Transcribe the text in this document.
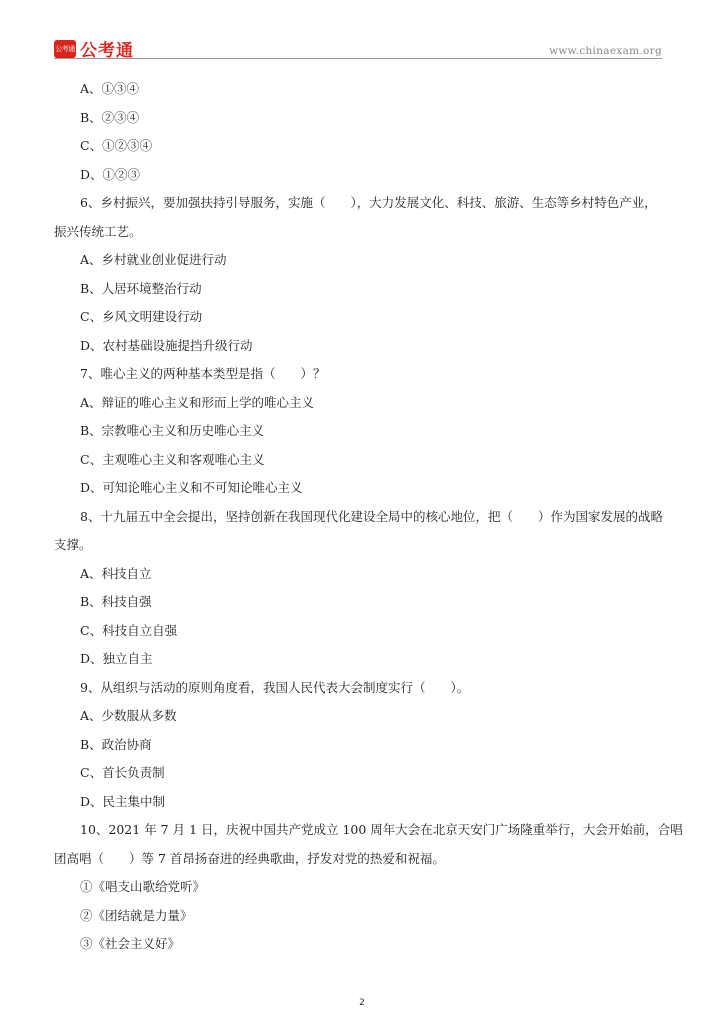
公考通 公考通	www.chinaexam.org
A、①③④
B、②③④
C、①②③④
D、①②③
6、乡村振兴，要加强扶持引导服务，实施（　　），大力发展文化、科技、旅游、生态等乡村特色产业，
振兴传统工艺。
A、乡村就业创业促进行动
B、人居环境整治行动
C、乡风文明建设行动
D、农村基础设施提挡升级行动
7、唯心主义的两种基本类型是指（　　）？
A、辩证的唯心主义和形而上学的唯心主义
B、宗教唯心主义和历史唯心主义
C、主观唯心主义和客观唯心主义
D、可知论唯心主义和不可知论唯心主义
8、十九届五中全会提出，坚持创新在我国现代化建设全局中的核心地位，把（　　）作为国家发展的战略
支撑。
A、科技自立
B、科技自强
C、科技自立自强
D、独立自主
9、从组织与活动的原则角度看，我国人民代表大会制度实行（　　）。
A、少数服从多数
B、政治协商
C、首长负责制
D、民主集中制
10、2021 年 7 月 1 日，庆祝中国共产党成立 100 周年大会在北京天安门广场隆重举行，大会开始前，合唱
团高唱（　　）等 7 首昂扬奋进的经典歌曲，抒发对党的热爱和祝福。
①《唱支山歌给党听》
②《团结就是力量》
③《社会主义好》
2
